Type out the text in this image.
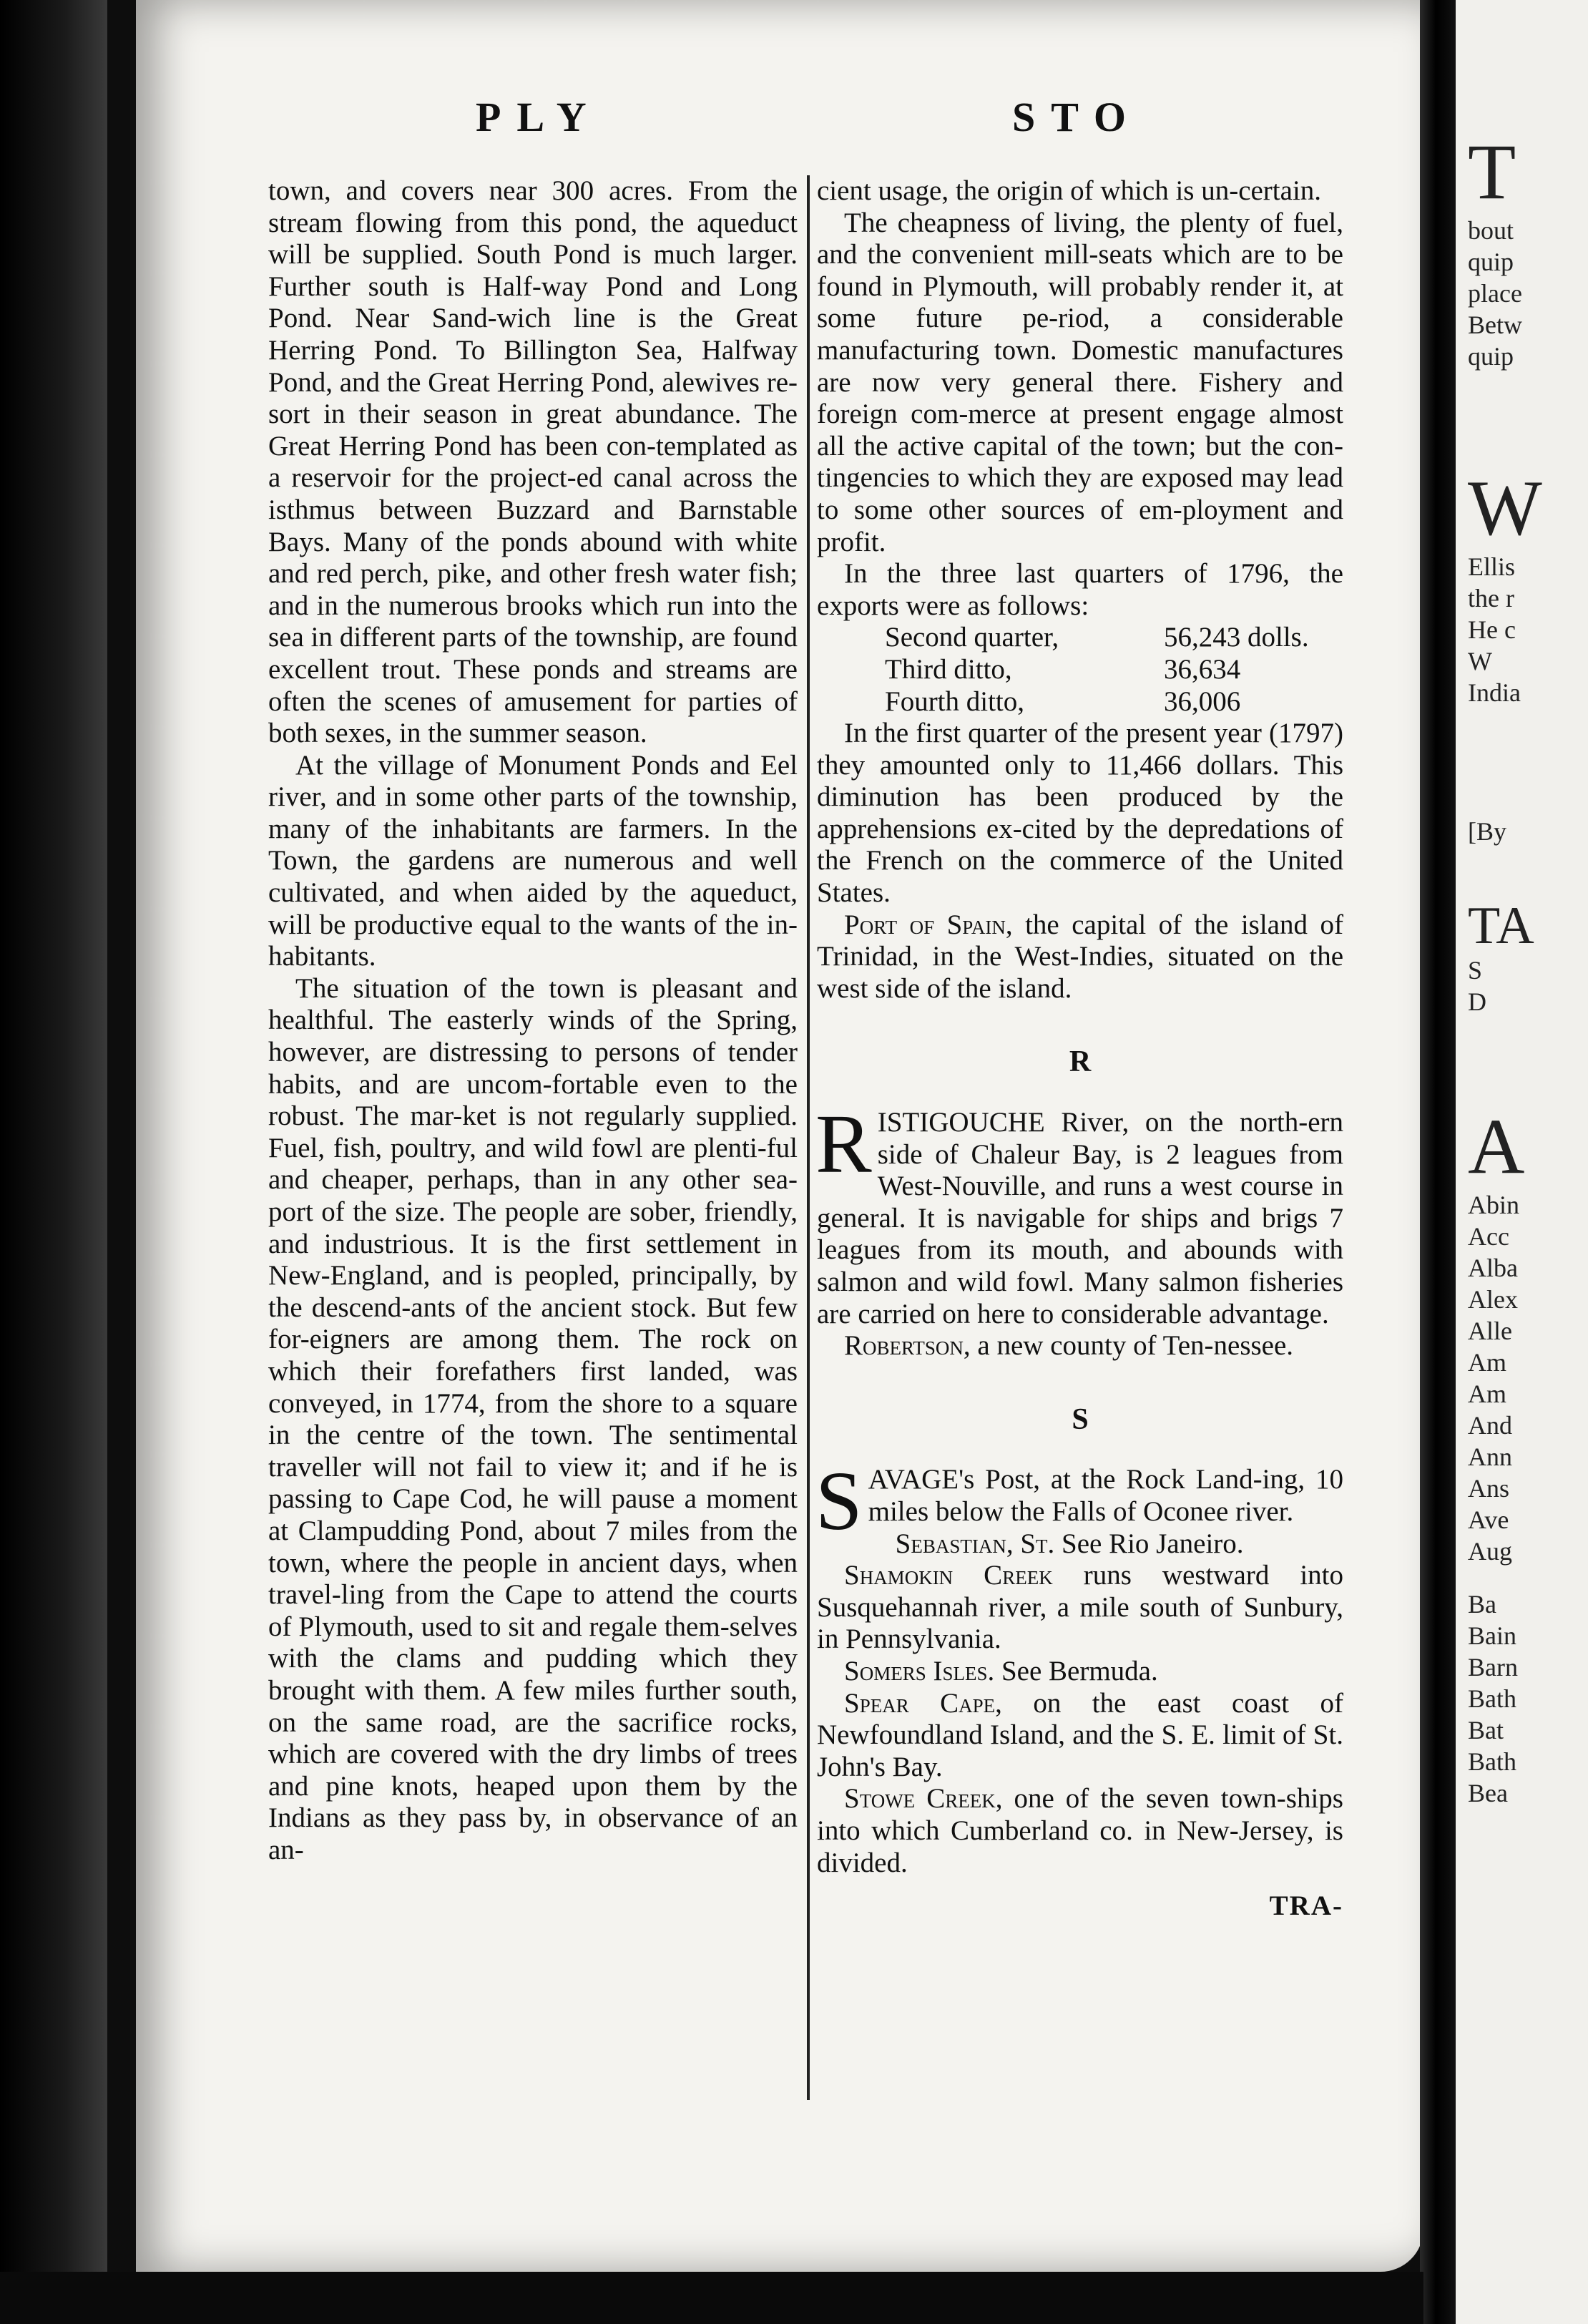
PLY	STO

town, and covers near 300 acres. From the stream flowing from this pond, the aqueduct will be supplied. South Pond is much larger. Further south is Half-way Pond and Long Pond. Near Sand-wich line is the Great Herring Pond. To Billington Sea, Halfway Pond, and the Great Herring Pond, alewives re-sort in their season in great abundance. The Great Herring Pond has been con-templated as a reservoir for the project-ed canal across the isthmus between Buzzard and Barnstable Bays. Many of the ponds abound with white and red perch, pike, and other fresh water fish; and in the numerous brooks which run into the sea in different parts of the township, are found excellent trout. These ponds and streams are often the scenes of amusement for parties of both sexes, in the summer season.

At the village of Monument Ponds and Eel river, and in some other parts of the township, many of the inhabitants are farmers. In the Town, the gardens are numerous and well cultivated, and when aided by the aqueduct, will be productive equal to the wants of the in-habitants.

The situation of the town is pleasant and healthful. The easterly winds of the Spring, however, are distressing to persons of tender habits, and are uncom-fortable even to the robust. The mar-ket is not regularly supplied. Fuel, fish, poultry, and wild fowl are plenti-ful and cheaper, perhaps, than in any other sea-port of the size. The people are sober, friendly, and industrious. It is the first settlement in New-England, and is peopled, principally, by the descend-ants of the ancient stock. But few for-eigners are among them. The rock on which their forefathers first landed, was conveyed, in 1774, from the shore to a square in the centre of the town. The sentimental traveller will not fail to view it; and if he is passing to Cape Cod, he will pause a moment at Clampudding Pond, about 7 miles from the town, where the people in ancient days, when travel-ling from the Cape to attend the courts of Plymouth, used to sit and regale them-selves with the clams and pudding which they brought with them. A few miles further south, on the same road, are the sacrifice rocks, which are covered with the dry limbs of trees and pine knots, heaped upon them by the Indians as they pass by, in observance of an an-

cient usage, the origin of which is un-certain.

The cheapness of living, the plenty of fuel, and the convenient mill-seats which are to be found in Plymouth, will probably render it, at some future pe-riod, a considerable manufacturing town. Domestic manufactures are now very general there. Fishery and foreign com-merce at present engage almost all the active capital of the town; but the con-tingencies to which they are exposed may lead to some other sources of em-ployment and profit.

In the three last quarters of 1796, the exports were as follows:

Second quarter,	56,243 dolls.
Third ditto,	36,634
Fourth ditto,	36,006

In the first quarter of the present year (1797) they amounted only to 11,466 dollars. This diminution has been produced by the apprehensions ex-cited by the depredations of the French on the commerce of the United States.

Port of Spain, the capital of the island of Trinidad, in the West-Indies, situated on the west side of the island.

R

RISTIGOUCHE River, on the north-ern side of Chaleur Bay, is 2 leagues from West-Nouville, and runs a west course in general. It is navigable for ships and brigs 7 leagues from its mouth, and abounds with salmon and wild fowl. Many salmon fisheries are carried on here to considerable advantage.

Robertson, a new county of Ten-nessee.

S

SAVAGE's Post, at the Rock Land-ing, 10 miles below the Falls of Oconee river.

Sebastian, St. See Rio Janeiro.

Shamokin Creek runs westward into Susquehannah river, a mile south of Sunbury, in Pennsylvania.

Somers Isles. See Bermuda.

Spear Cape, on the east coast of Newfoundland Island, and the S. E. limit of St. John's Bay.

Stowe Creek, one of the seven town-ships into which Cumberland co. in New-Jersey, is divided.

TRA-
T
bout
quip
place
Betw
quip
W
Ellis
the r
He c
W
India
[By
TA
S
D
A
Abin
Acc
Alba
Alex
Alle
Am
Am
And
Ann
Ans
Ave
Aug
Ba
Bain
Barn
Bath
Bat
Bath
Bea
